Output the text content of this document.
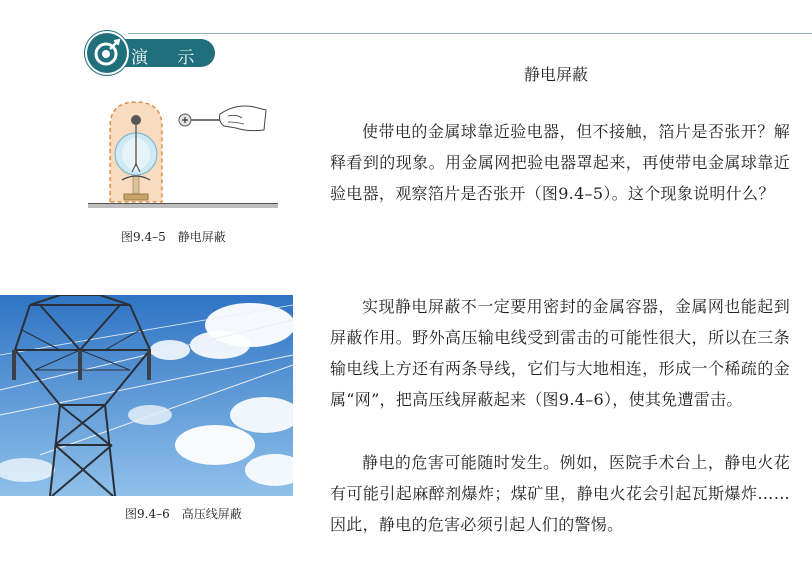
演 示
静电屏蔽

使带电的金属球靠近验电器，但不接触，箔片是否张开？解释看到的现象。用金属网把验电器罩起来，再使带电金属球靠近验电器，观察箔片是否张开（图9.4–5）。这个现象说明什么？

图9.4–5　静电屏蔽
图9.4–6　高压线屏蔽

实现静电屏蔽不一定要用密封的金属容器，金属网也能起到屏蔽作用。野外高压输电线受到雷击的可能性很大，所以在三条输电线上方还有两条导线，它们与大地相连，形成一个稀疏的金属“网”，把高压线屏蔽起来（图9.4–6），使其免遭雷击。

静电的危害可能随时发生。例如，医院手术台上，静电火花有可能引起麻醉剂爆炸；煤矿里，静电火花会引起瓦斯爆炸……因此，静电的危害必须引起人们的警惕。
